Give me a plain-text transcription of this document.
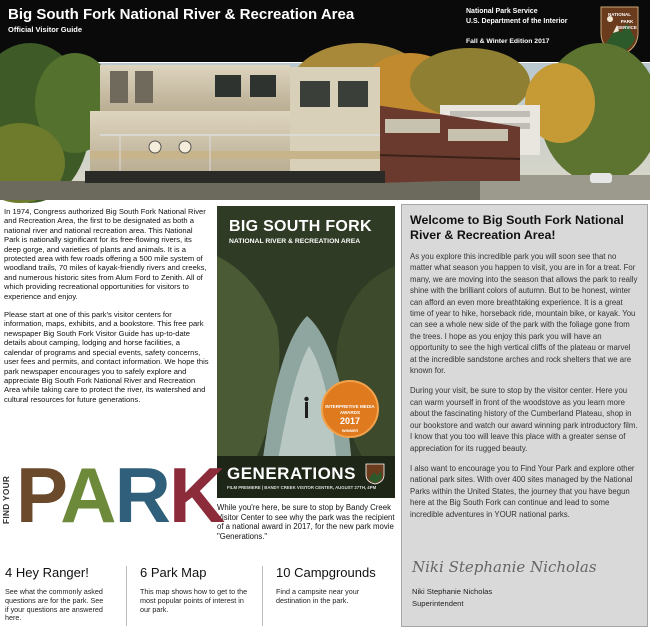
Big South Fork National River & Recreation Area
Official Visitor Guide
National Park Service
U.S. Department of the Interior
Fall & Winter Edition 2017
NATIONAL
PARK
SERVICE

In 1974, Congress authorized Big South Fork National River and Recreation Area, the first to be designated as both a national river and national recreation area. This National Park is nationally significant for its free-flowing rivers, its deep gorge, and varieties of plants and animals. It is a protected area with few roads offering a 500 mile system of woodland trails, 70 miles of kayak-friendly rivers and creeks, and numerous historic sites from Alum Ford to Zenith. All of which providing recreational opportunities for visitors to experience and enjoy.

Please start at one of this park's visitor centers for information, maps, exhibits, and a bookstore. This free park newspaper Big South Fork Visitor Guide has up-to-date details about camping, lodging and horse facilities, a calendar of programs and special events, safety concerns, user fees and permits, and contact information. We hope this park newspaper encourages you to safely explore and appreciate Big South Fork National River and Recreation Area while taking care to protect the river, its watershed and cultural resources for future generations.

BIG SOUTH FORK
NATIONAL RIVER & RECREATION AREA
INTERPRETIVE MEDIA AWARDS
2017
WINNER
GENERATIONS
FILM PREMIERE | BANDY CREEK VISITOR CENTER, AUGUST 27TH, 4PM
While you're here, be sure to stop by Bandy Creek Visitor Center to see why the park was the recipient of a national award in 2017, for the new park movie "Generations."
FIND YOUR PARK
Welcome to Big South Fork National River & Recreation Area!

As you explore this incredible park you will soon see that no matter what season you happen to visit, you are in for a treat. For many, we are moving into the season that allows the park to really shine with the brilliant colors of autumn. But to be honest, winter can afford an even more breathtaking experience. It is a great time of year to hike, horseback ride, mountain bike, or kayak. You can see a whole new side of the park with the foliage gone from the trees. I hope as you enjoy this park you will have an opportunity to see the high vertical cliffs of the plateau or marvel at the incredible sandstone arches and rock shelters that we are known for.

During your visit, be sure to stop by the visitor center. Here you can warm yourself in front of the woodstove as you learn more about the fascinating history of the Cumberland Plateau, shop in our bookstore and watch our award winning park introductory film. I know that you too will leave this place with a greater sense of appreciation for its rugged beauty.

I also want to encourage you to Find Your Park and explore other national park sites. With over 400 sites managed by the National Parks within the United States, the journey that you have begun here at the Big South Fork can continue and lead to some incredible adventures in YOUR national parks.

Niki Stephanie Nicholas
Niki Stephanie Nicholas
Superintendent
4 Hey Ranger!
See what the commonly asked questions are for the park. See if your questions are answered here.
6 Park Map
This map shows how to get to the most popular points of interest in our park.
10 Campgrounds
Find a campsite near your destination in the park.
